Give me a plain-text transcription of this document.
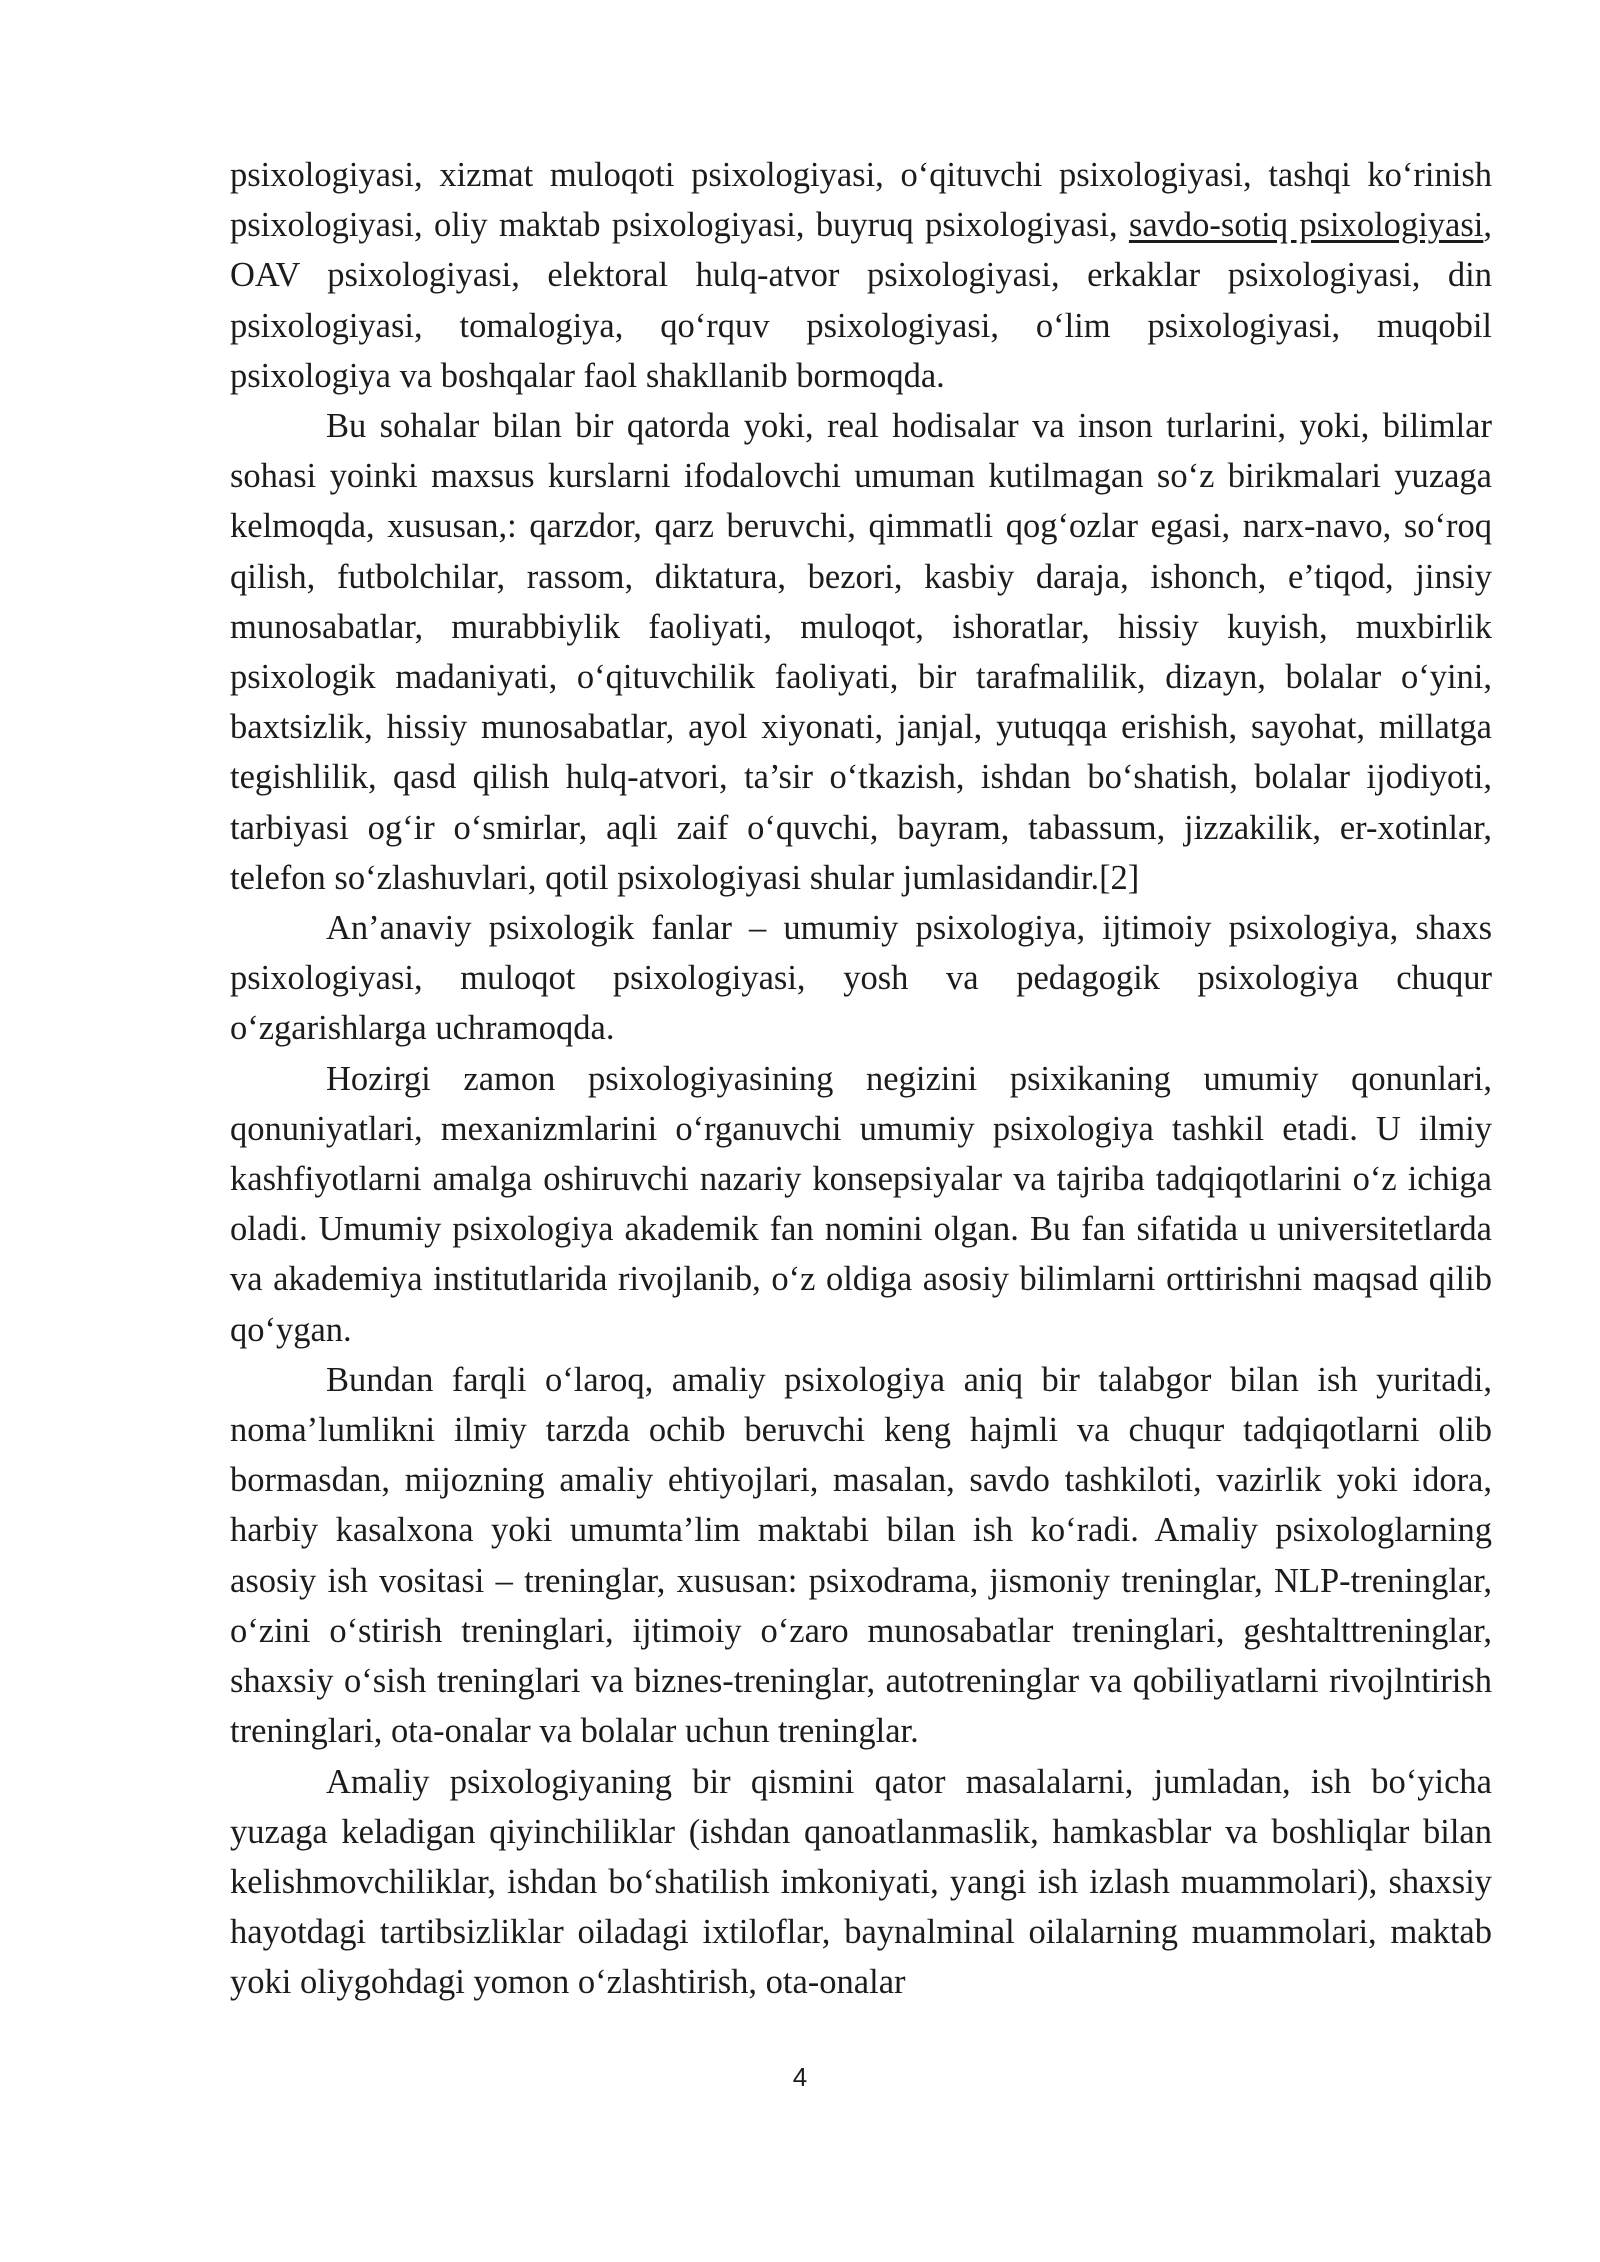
psixologiyasi, xizmat muloqoti psixologiyasi, o‘qituvchi psixologiyasi, tashqi ko‘rinish psixologiyasi, oliy maktab psixologiyasi, buyruq psixologiyasi, savdo-sotiq psixologiyasi, OAV psixologiyasi, elektoral hulq-atvor psixologiyasi, erkaklar psixologiyasi, din psixologiyasi, tomalogiya, qo‘rquv psixologiyasi, o‘lim psixologiyasi, muqobil psixologiya va boshqalar faol shakllanib bormoqda.

Bu sohalar bilan bir qatorda yoki, real hodisalar va inson turlarini, yoki, bilimlar sohasi yoinki maxsus kurslarni ifodalovchi umuman kutilmagan so‘z birikmalari yuzaga kelmoqda, xususan,: qarzdor, qarz beruvchi, qimmatli qog‘ozlar egasi, narx-navo, so‘roq qilish, futbolchilar, rassom, diktatura, bezori, kasbiy daraja, ishonch, e’tiqod, jinsiy munosabatlar, murabbiylik faoliyati, muloqot, ishoratlar, hissiy kuyish, muxbirlik psixologik madaniyati, o‘qituvchilik faoliyati, bir tarafmalilik, dizayn, bolalar o‘yini, baxtsizlik, hissiy munosabatlar, ayol xiyonati, janjal, yutuqqa erishish, sayohat, millatga tegishlilik, qasd qilish hulq-atvori, ta’sir o‘tkazish, ishdan bo‘shatish, bolalar ijodiyoti, tarbiyasi og‘ir o‘smirlar, aqli zaif o‘quvchi, bayram, tabassum, jizzakilik, er-xotinlar, telefon so‘zlashuvlari, qotil psixologiyasi shular jumlasidandir.[2]

An’anaviy psixologik fanlar – umumiy psixologiya, ijtimoiy psixologiya, shaxs psixologiyasi, muloqot psixologiyasi, yosh va pedagogik psixologiya chuqur o‘zgarishlarga uchramoqda.

Hozirgi zamon psixologiyasining negizini psixikaning umumiy qonunlari, qonuniyatlari, mexanizmlarini o‘rganuvchi umumiy psixologiya tashkil etadi. U ilmiy kashfiyotlarni amalga oshiruvchi nazariy konsepsiyalar va tajriba tadqiqotlarini o‘z ichiga oladi. Umumiy psixologiya akademik fan nomini olgan. Bu fan sifatida u universitetlarda va akademiya institutlarida rivojlanib, o‘z oldiga asosiy bilimlarni orttirishni maqsad qilib qo‘ygan.

Bundan farqli o‘laroq, amaliy psixologiya aniq bir talabgor bilan ish yuritadi, noma’lumlikni ilmiy tarzda ochib beruvchi keng hajmli va chuqur tadqiqotlarni olib bormasdan, mijozning amaliy ehtiyojlari, masalan, savdo tashkiloti, vazirlik yoki idora, harbiy kasalxona yoki umumta’lim maktabi bilan ish ko‘radi. Amaliy psixologlarning asosiy ish vositasi – treninglar, xususan: psixodrama, jismoniy treninglar, NLP-treninglar, o‘zini o‘stirish treninglari, ijtimoiy o‘zaro munosabatlar treninglari, geshtalttreninglar, shaxsiy o‘sish treninglari va biznes-treninglar, autotreninglar va qobiliyatlarni rivojlntirish treninglari, ota-onalar va bolalar uchun treninglar.

Amaliy psixologiyaning bir qismini qator masalalarni, jumladan, ish bo‘yicha yuzaga keladigan qiyinchiliklar (ishdan qanoatlanmaslik, hamkasblar va boshliqlar bilan kelishmovchiliklar, ishdan bo‘shatilish imkoniyati, yangi ish izlash muammolari), shaxsiy hayotdagi tartibsizliklar oiladagi ixtiloflar, baynalminal oilalarning muammolari, maktab yoki oliygohdagi yomon o‘zlashtirish, ota-onalar

4
